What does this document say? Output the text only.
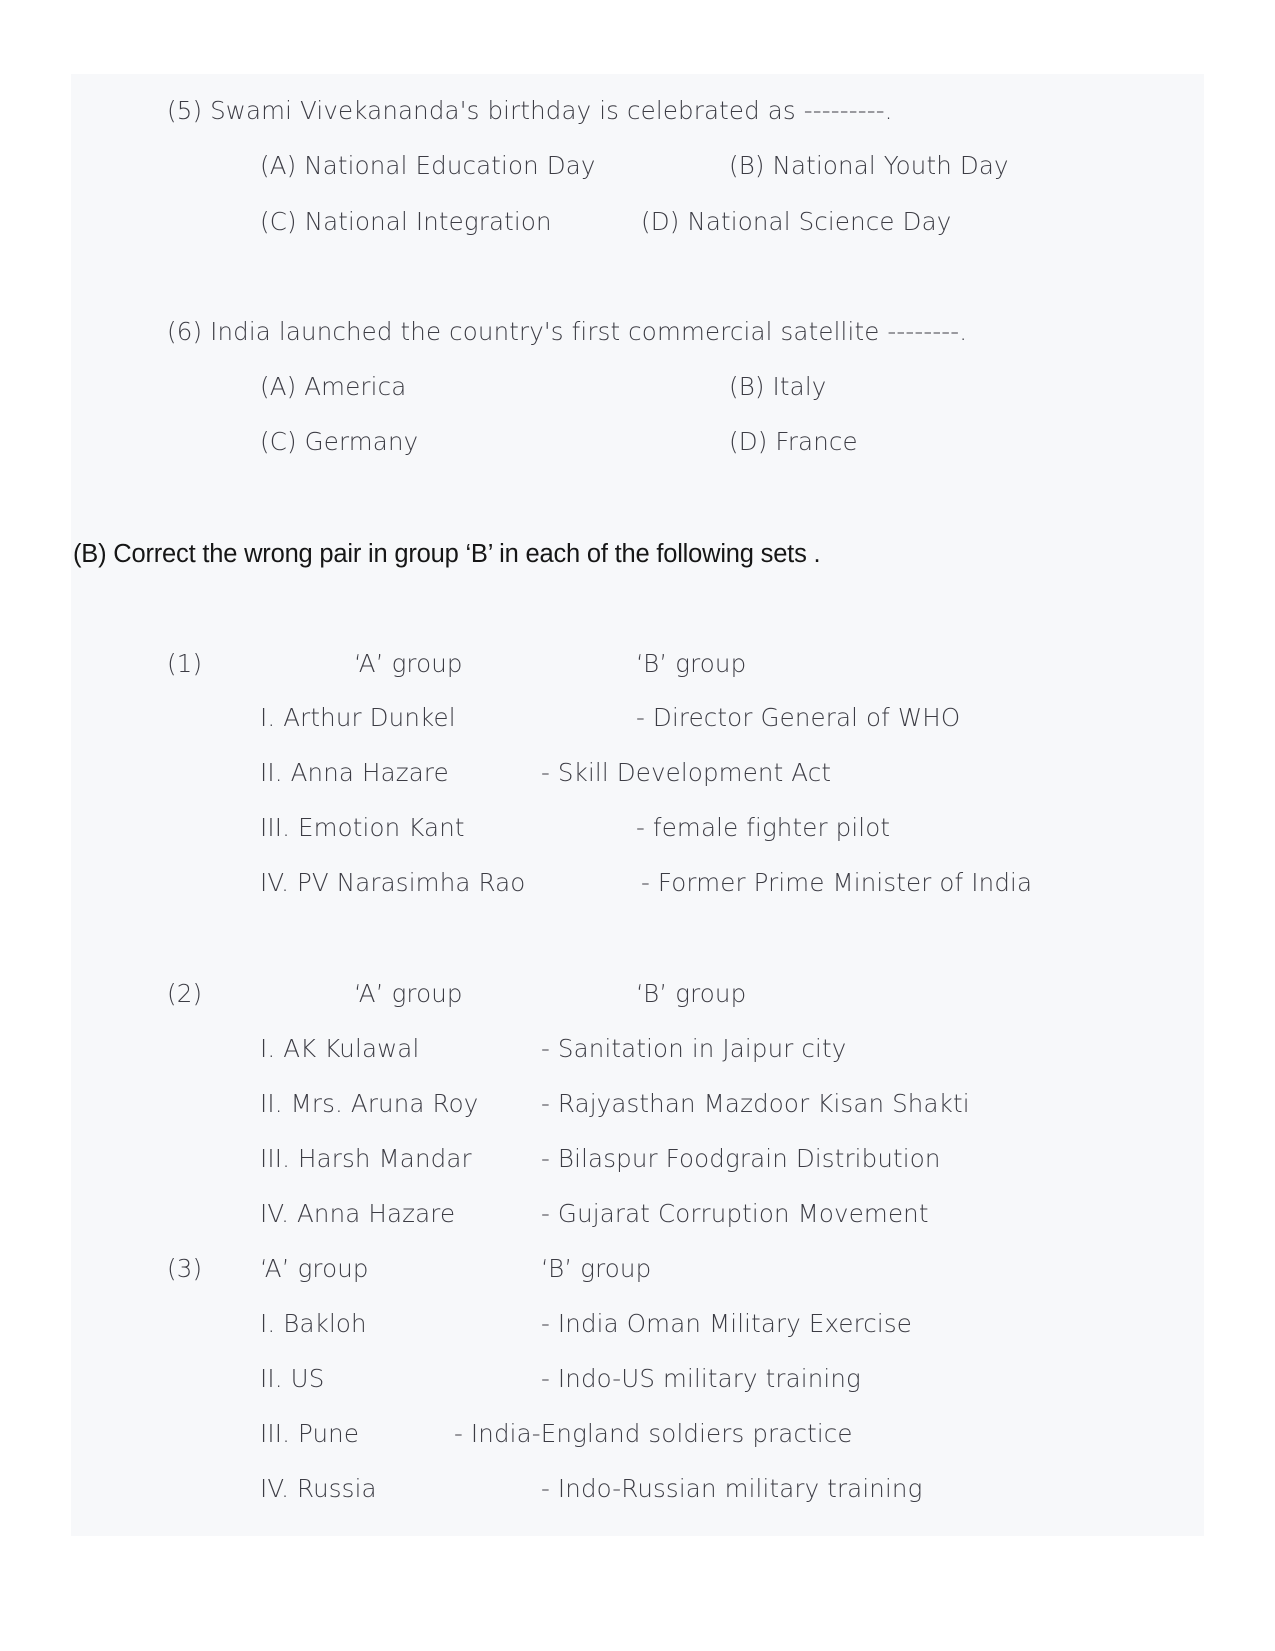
(5) Swami Vivekananda's birthday is celebrated as ---------.
(A) National Education Day	(B) National Youth Day
(C) National Integration	(D) National Science Day
(6) India launched the country's first commercial satellite --------.
(A) America	(B) Italy
(C) Germany	(D) France
(B) Correct the wrong pair in group ‘B’ in each of the following sets .
(1)	‘A’ group	‘B’ group
I. Arthur Dunkel	- Director General of WHO
II. Anna Hazare	- Skill Development Act
III. Emotion Kant	- female fighter pilot
IV. PV Narasimha Rao	- Former Prime Minister of India
(2)	‘A’ group	‘B’ group
I. AK Kulawal	- Sanitation in Jaipur city
II. Mrs. Aruna Roy	- Rajyasthan Mazdoor Kisan Shakti
III. Harsh Mandar	- Bilaspur Foodgrain Distribution
IV. Anna Hazare	- Gujarat Corruption Movement
(3) ‘A’ group	‘B’ group
I. Bakloh	- India Oman Military Exercise
II. US	- Indo-US military training
III. Pune	- India-England soldiers practice
IV. Russia	- Indo-Russian military training
